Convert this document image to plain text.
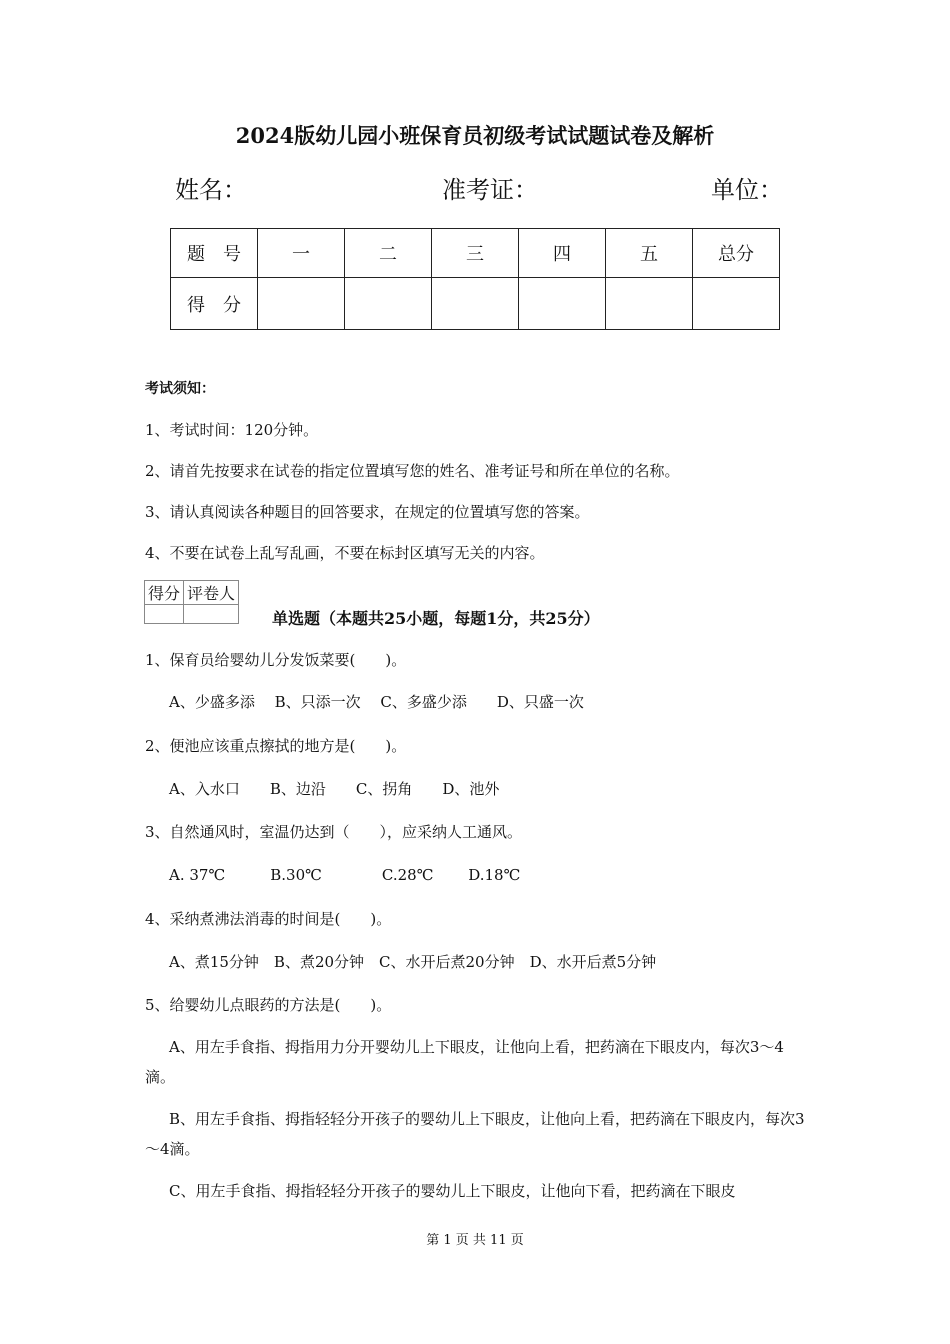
2024版幼儿园小班保育员初级考试试题试卷及解析
姓名：	准考证：	单位：
题　号	一	二	三	四	五	总分
得　分						
考试须知：
1、考试时间：120分钟。
2、请首先按要求在试卷的指定位置填写您的姓名、准考证号和所在单位的名称。
3、请认真阅读各种题目的回答要求，在规定的位置填写您的答案。
4、不要在试卷上乱写乱画，不要在标封区填写无关的内容。
得分	评卷人

单选题（本题共25小题，每题1分，共25分）
1、保育员给婴幼儿分发饭菜要(　　)。
A、少盛多添　 B、只添一次　 C、多盛少添　　D、只盛一次
2、便池应该重点擦拭的地方是(　　)。
A、入水口　　B、边沿　　C、拐角　　D、池外
3、自然通风时，室温仍达到（　　），应采纳人工通风。
A. 37℃　　　B.30℃　　　　C.28℃　　 D.18℃
4、采纳煮沸法消毒的时间是(　　)。
A、煮15分钟　B、煮20分钟　C、水开后煮20分钟　D、水开后煮5分钟
5、给婴幼儿点眼药的方法是(　　)。
A、用左手食指、拇指用力分开婴幼儿上下眼皮，让他向上看，把药滴在下眼皮内，每次3～4滴。
B、用左手食指、拇指轻轻分开孩子的婴幼儿上下眼皮，让他向上看，把药滴在下眼皮内，每次3～4滴。
C、用左手食指、拇指轻轻分开孩子的婴幼儿上下眼皮，让他向下看，把药滴在下眼皮
第 1 页 共 11 页
